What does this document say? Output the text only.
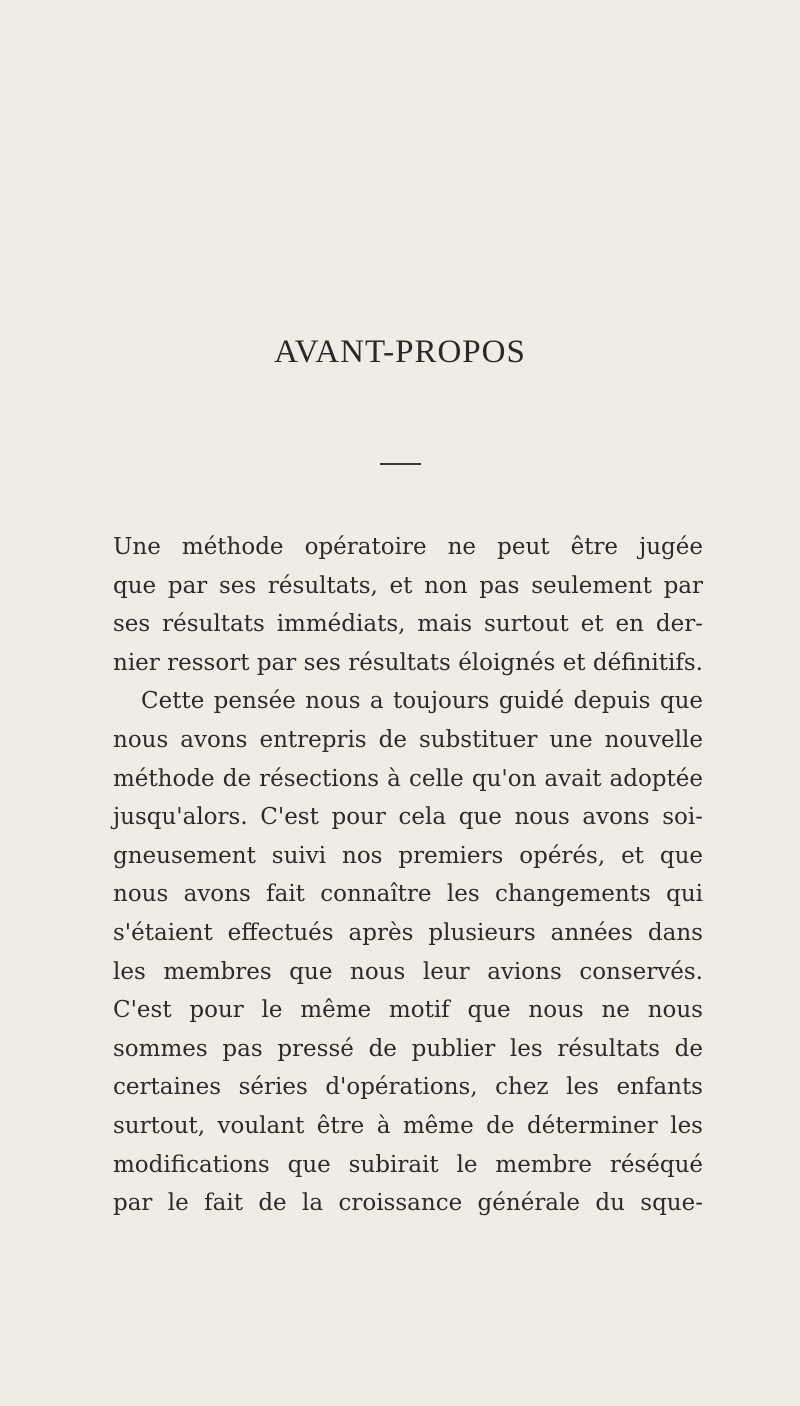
AVANT-PROPOS
Une méthode opératoire ne peut être jugée
que par ses résultats, et non pas seulement par
ses résultats immédiats, mais surtout et en der-
nier ressort par ses résultats éloignés et définitifs.
Cette pensée nous a toujours guidé depuis que
nous avons entrepris de substituer une nouvelle
méthode de résections à celle qu'on avait adoptée
jusqu'alors. C'est pour cela que nous avons soi-
gneusement suivi nos premiers opérés, et que
nous avons fait connaître les changements qui
s'étaient effectués après plusieurs années dans
les membres que nous leur avions conservés.
C'est pour le même motif que nous ne nous
sommes pas pressé de publier les résultats de
certaines séries d'opérations, chez les enfants
surtout, voulant être à même de déterminer les
modifications que subirait le membre réséqué
par le fait de la croissance générale du sque-
